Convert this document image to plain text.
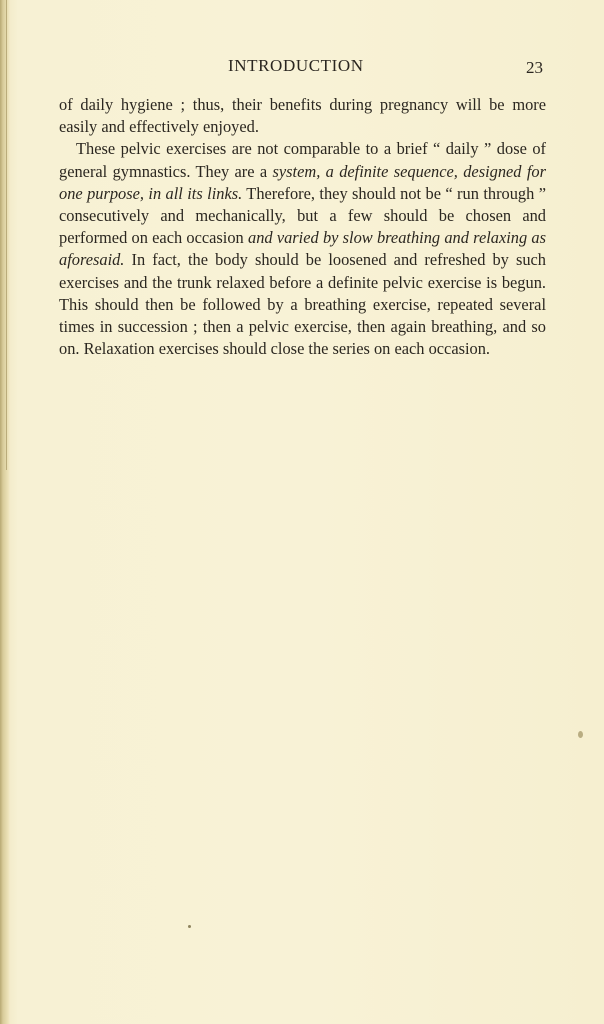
INTRODUCTION	23

of daily hygiene ; thus, their benefits during pregnancy will be more easily and effectively enjoyed.

These pelvic exercises are not comparable to a brief “ daily ” dose of general gymnastics. They are a system, a definite sequence, designed for one purpose, in all its links. Therefore, they should not be “ run through ” consecutively and mechanically, but a few should be chosen and performed on each occasion and varied by slow breathing and relaxing as aforesaid. In fact, the body should be loosened and refreshed by such exercises and the trunk relaxed before a definite pelvic exercise is begun. This should then be followed by a breathing exercise, repeated several times in succession ; then a pelvic exercise, then again breathing, and so on. Relaxation exercises should close the series on each occasion.
